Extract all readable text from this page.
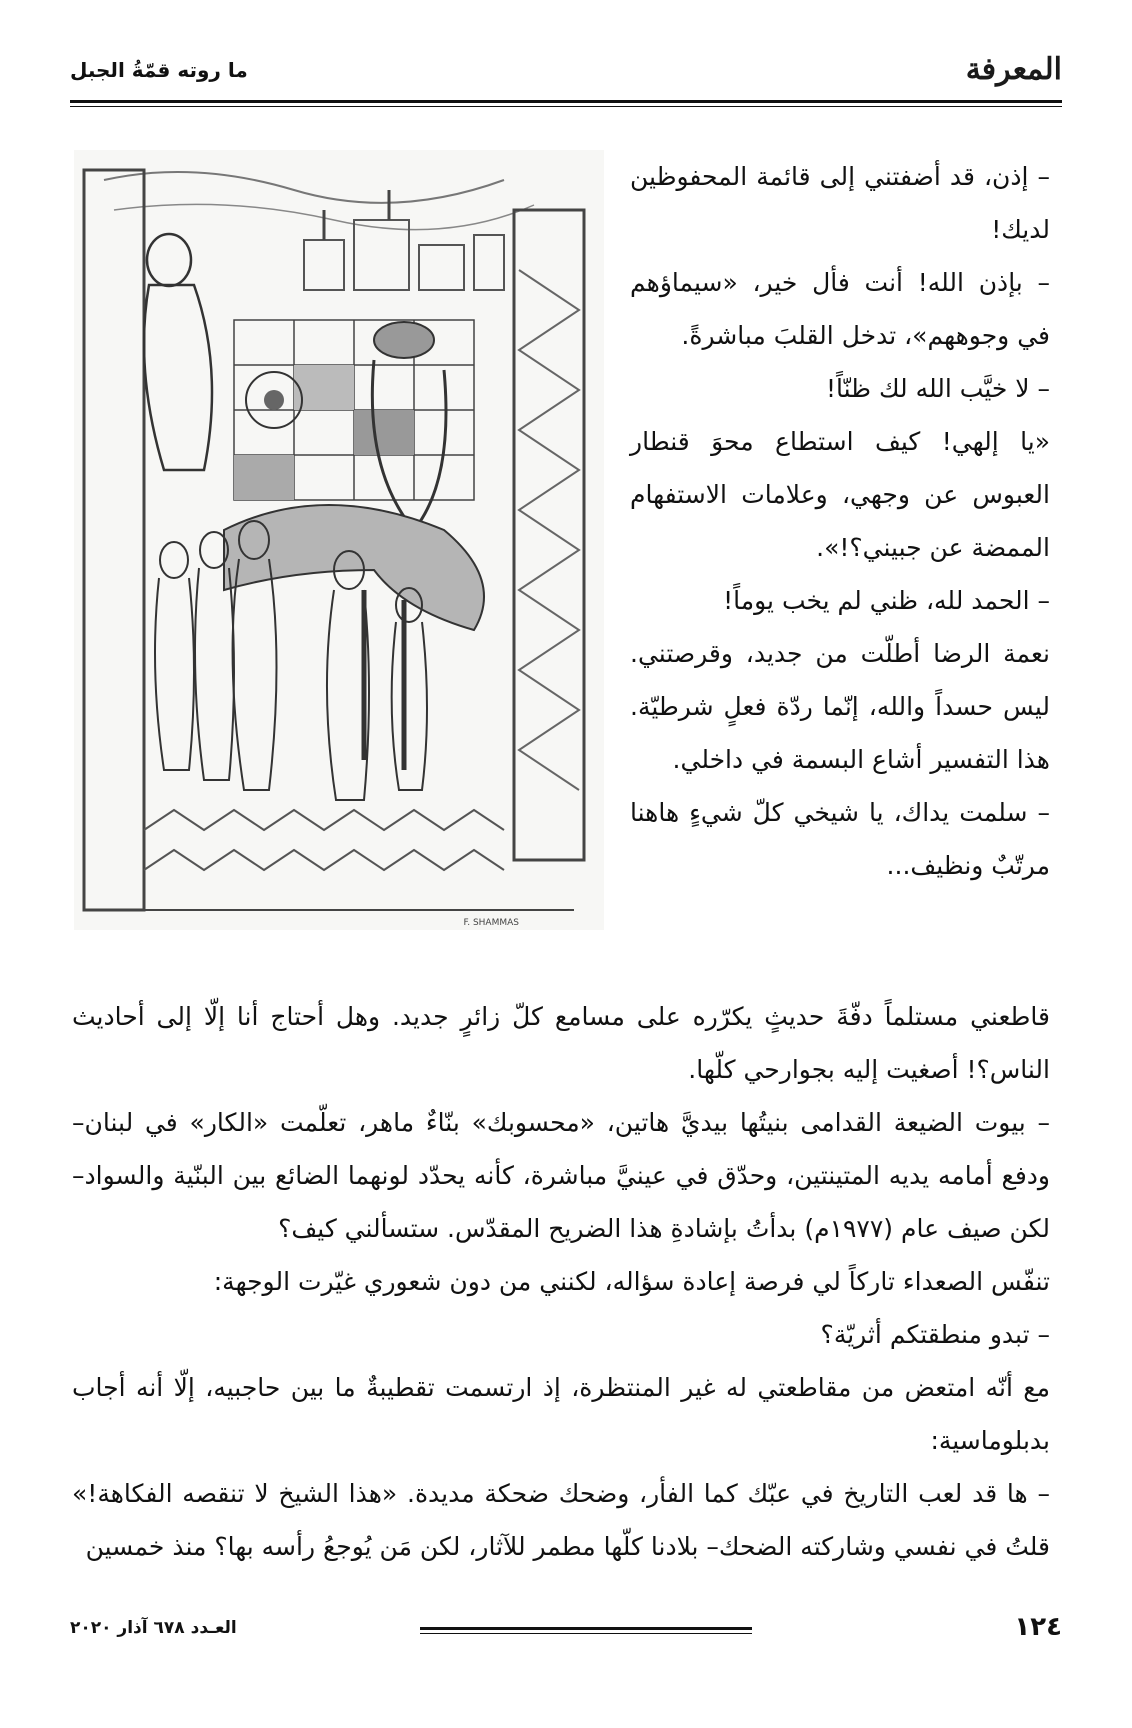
المعرفة
ما روته قمّةُ الجبل
F. SHAMMAS

– إذن، قد أضفتني إلى قائمة المحفوظين لديك!

– بإذن الله! أنت فأل خير، «سيماؤهم في وجوههم»، تدخل القلبَ مباشرةً.

– لا خيَّب الله لك ظنّاً!

«يا إلهي! كيف استطاع محوَ قنطار العبوس عن وجهي، وعلامات الاستفهام الممضة عن جبيني؟!».

– الحمد لله، ظني لم يخب يوماً!

نعمة الرضا أطلّت من جديد، وقرصتني. ليس حسداً والله، إنّما ردّة فعلٍ شرطيّة. هذا التفسير أشاع البسمة في داخلي.

– سلمت يداك، يا شيخي كلّ شيءٍ هاهنا مرتّبٌ ونظيف...

قاطعني مستلماً دفّةَ حديثٍ يكرّره على مسامع كلّ زائرٍ جديد. وهل أحتاج أنا إلّا إلى أحاديث الناس؟! أصغيت إليه بجوارحي كلّها.

– بيوت الضيعة القدامى بنيتُها بيديَّ هاتين، «محسوبك» بنّاءٌ ماهر، تعلّمت «الكار» في لبنان– ودفع أمامه يديه المتينتين، وحدّق في عينيَّ مباشرة، كأنه يحدّد لونهما الضائع بين البنّية والسواد– لكن صيف عام (١٩٧٧م) بدأتُ بإشادةِ هذا الضريح المقدّس. ستسألني كيف؟

تنفّس الصعداء تاركاً لي فرصة إعادة سؤاله، لكنني من دون شعوري غيّرت الوجهة:

– تبدو منطقتكم أثريّة؟

مع أنّه امتعض من مقاطعتي له غير المنتظرة، إذ ارتسمت تقطيبةٌ ما بين حاجبيه، إلّا أنه أجاب بدبلوماسية:

– ها قد لعب التاريخ في عبّك كما الفأر، وضحك ضحكة مديدة. «هذا الشيخ لا تنقصه الفكاهة!» قلتُ في نفسي وشاركته الضحك– بلادنا كلّها مطمر للآثار، لكن مَن يُوجعُ رأسه بها؟ منذ خمسين

١٢٤
العـدد ٦٧٨ آذار ٢٠٢٠
